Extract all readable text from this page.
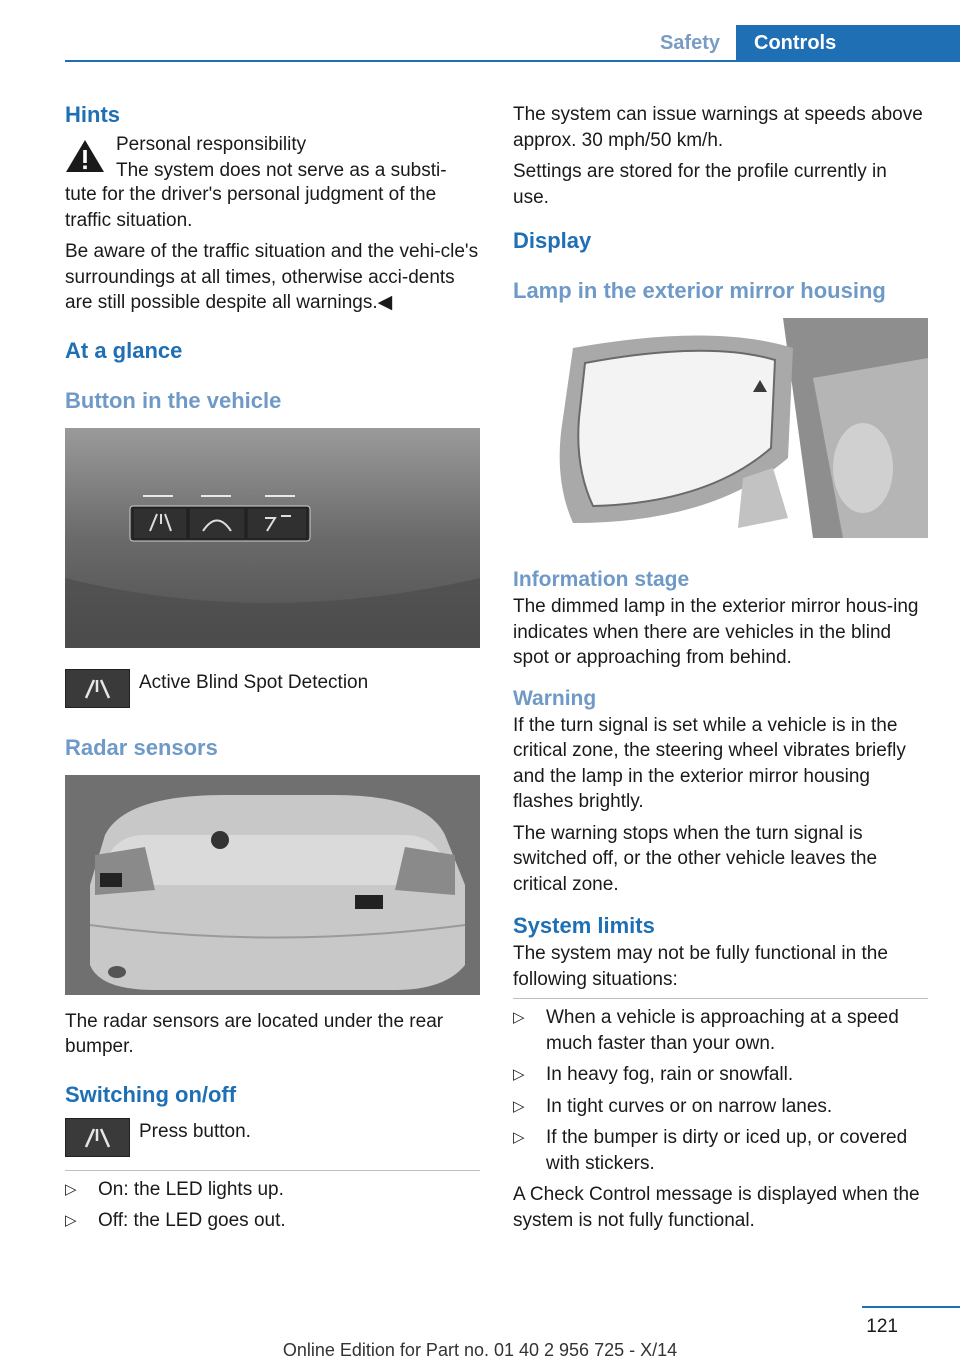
Safety	Controls
Hints

Personal responsibility

The system does not serve as a substi‐

tute for the driver's personal judgment of the traffic situation.

Be aware of the traffic situation and the vehi‐cle's surroundings at all times, otherwise acci‐dents are still possible despite all warnings.◀

At a glance
Button in the vehicle
Active Blind Spot Detection
Radar sensors

The radar sensors are located under the rear bumper.

Switching on/off
Press button.
▷ On: the LED lights up.
▷ Off: the LED goes out.

The system can issue warnings at speeds above approx. 30 mph/50 km/h.

Settings are stored for the profile currently in use.

Display
Lamp in the exterior mirror housing
Information stage

The dimmed lamp in the exterior mirror hous‐ing indicates when there are vehicles in the blind spot or approaching from behind.

Warning

If the turn signal is set while a vehicle is in the critical zone, the steering wheel vibrates briefly and the lamp in the exterior mirror housing flashes brightly.

The warning stops when the turn signal is switched off, or the other vehicle leaves the critical zone.

System limits

The system may not be fully functional in the following situations:

▷ When a vehicle is approaching at a speed much faster than your own.
▷ In heavy fog, rain or snowfall.
▷ In tight curves or on narrow lanes.
▷ If the bumper is dirty or iced up, or covered with stickers.

A Check Control message is displayed when the system is not fully functional.

121
Online Edition for Part no. 01 40 2 956 725 - X/14
